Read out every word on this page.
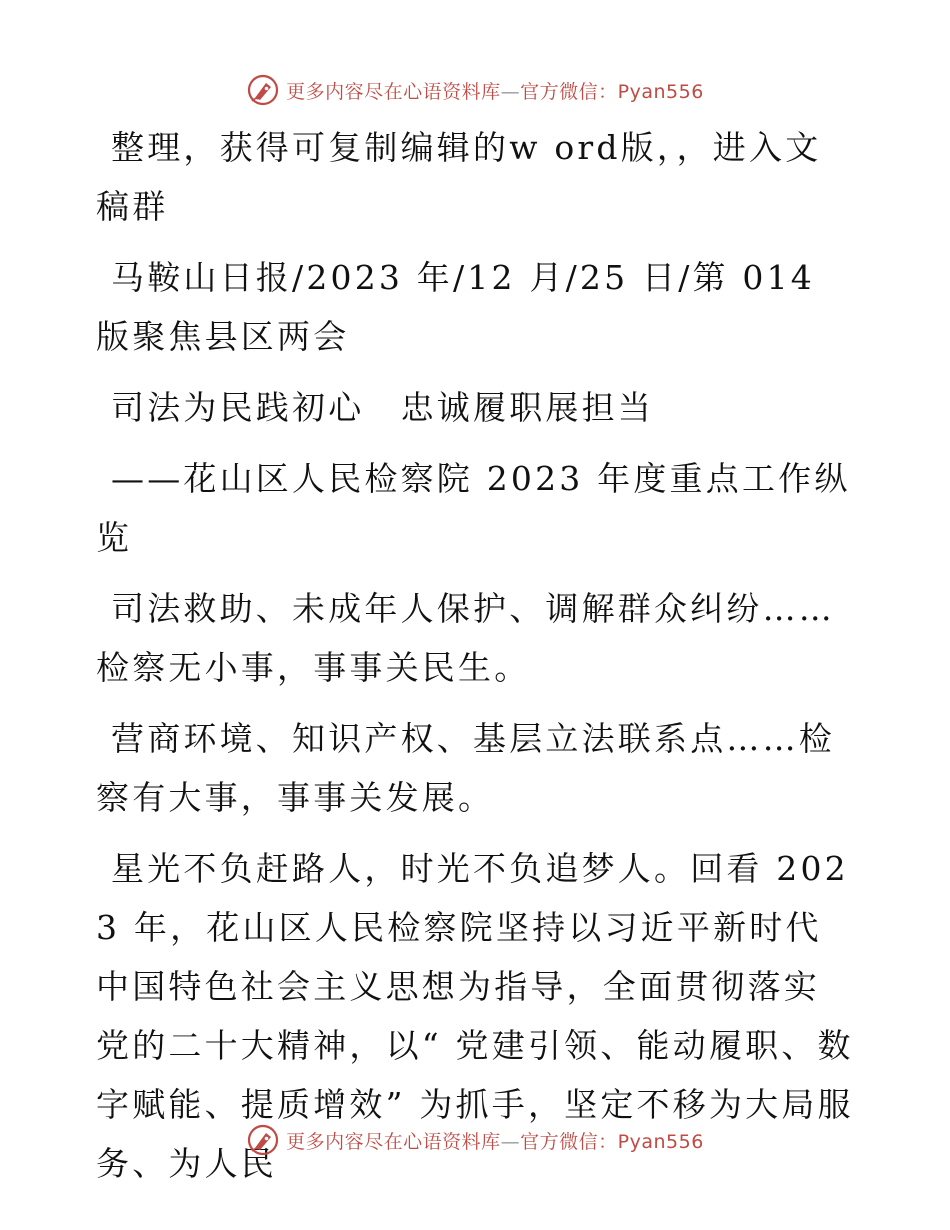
更多内容尽在心语资料库—官方微信：Pyan556

整理，获得可复制编辑的w ord版，，进入文稿群

马鞍山日报/2023 年/12 月/25 日/第 014 版聚焦县区两会

司法为民践初心　忠诚履职展担当

——花山区人民检察院 2023 年度重点工作纵览

司法救助、未成年人保护、调解群众纠纷……检察无小事，事事关民生。

营商环境、知识产权、基层立法联系点……检察有大事，事事关发展。

星光不负赶路人，时光不负追梦人。回看 2023 年，花山区人民检察院坚持以习近平新时代中国特色社会主义思想为指导，全面贯彻落实党的二十大精神，以“ 党建引领、能动履职、数字赋能、提质增效” 为抓手，坚定不移为大局服务、为人民

更多内容尽在心语资料库—官方微信：Pyan556
